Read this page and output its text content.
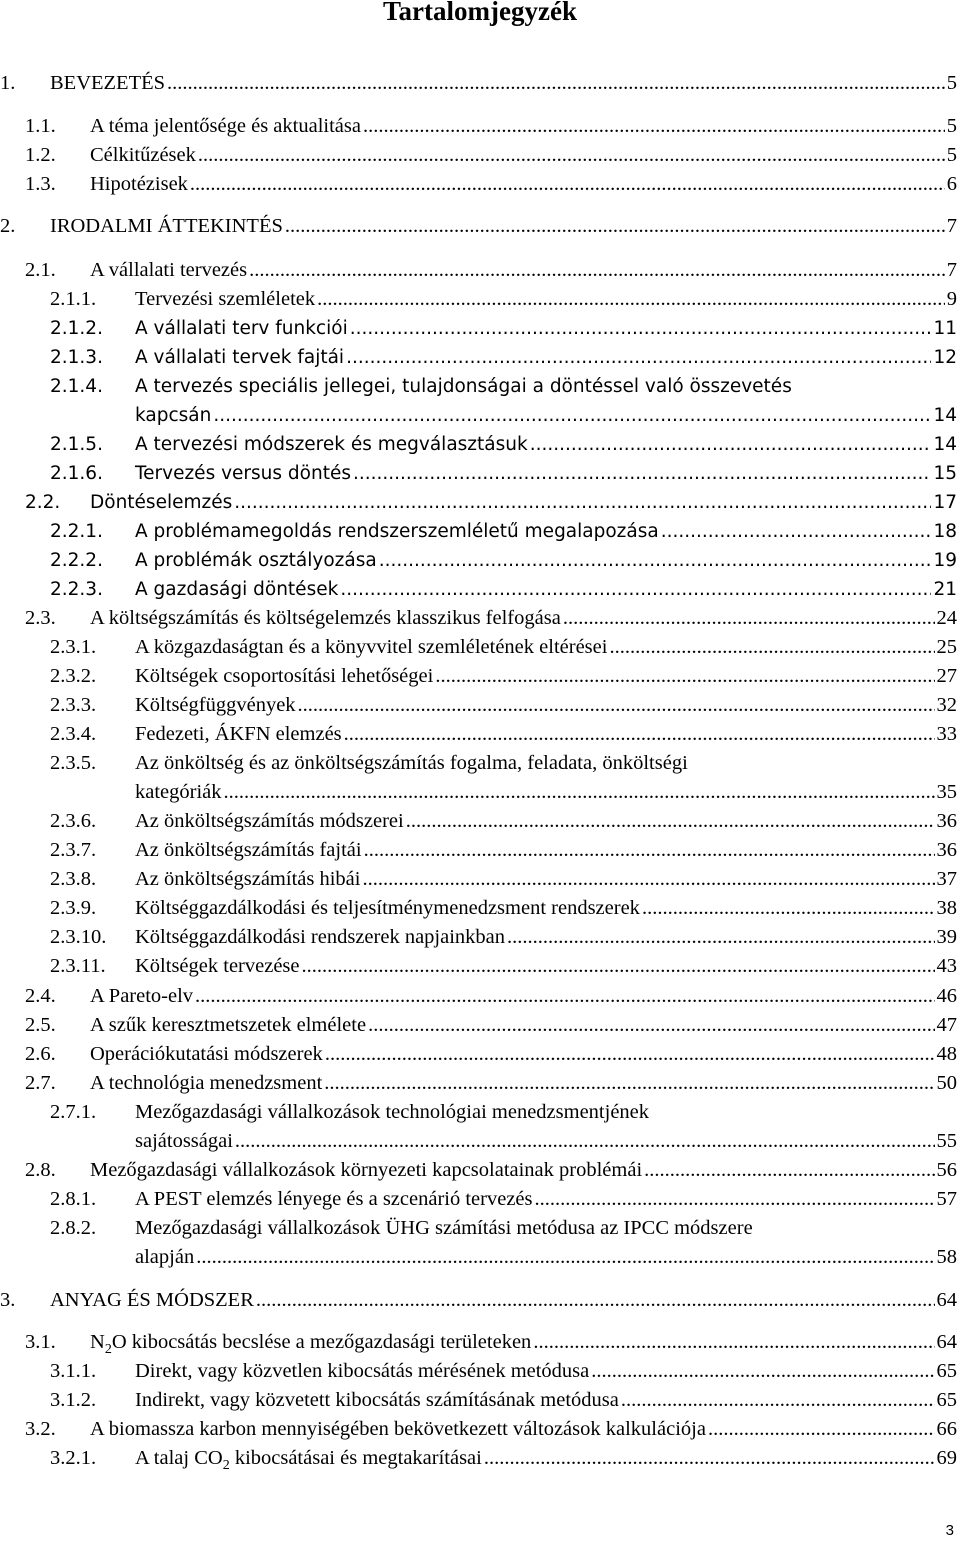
Tartalomjegyzék
1. BEVEZETÉS .....	5
1.1. A téma jelentősége és aktualitása .....	5
1.2. Célkitűzések .....	5
1.3. Hipotézisek .....	6
2. IRODALMI ÁTTEKINTÉS .....	7
2.1. A vállalati tervezés .....	7
2.1.1. Tervezési szemléletek .....	9
2.1.2. A vállalati terv funkciói .....	11
2.1.3. A vállalati tervek fajtái .....	12
2.1.4. A tervezés speciális jellegei, tulajdonságai a döntéssel való összevetés
kapcsán .....	14
2.1.5. A tervezési módszerek és megválasztásuk .....	14
2.1.6. Tervezés versus döntés .....	15
2.2. Döntéselemzés .....	17
2.2.1. A problémamegoldás rendszerszemléletű megalapozása .....	18
2.2.2. A problémák osztályozása .....	19
2.2.3. A gazdasági döntések .....	21
2.3. A költségszámítás és költségelemzés klasszikus felfogása .....	24
2.3.1. A közgazdaságtan és a könyvvitel szemléletének eltérései .....	25
2.3.2. Költségek csoportosítási lehetőségei .....	27
2.3.3. Költségfüggvények .....	32
2.3.4. Fedezeti, ÁKFN elemzés .....	33
2.3.5. Az önköltség és az önköltségszámítás fogalma, feladata, önköltségi
kategóriák .....	35
2.3.6. Az önköltségszámítás módszerei .....	36
2.3.7. Az önköltségszámítás fajtái .....	36
2.3.8. Az önköltségszámítás hibái .....	37
2.3.9. Költséggazdálkodási és teljesítménymenedzsment rendszerek .....	38
2.3.10. Költséggazdálkodási rendszerek napjainkban .....	39
2.3.11. Költségek tervezése .....	43
2.4. A Pareto-elv .....	46
2.5. A szűk keresztmetszetek elmélete .....	47
2.6. Operációkutatási módszerek .....	48
2.7. A technológia menedzsment .....	50
2.7.1. Mezőgazdasági vállalkozások technológiai menedzsmentjének
sajátosságai .....	55
2.8. Mezőgazdasági vállalkozások környezeti kapcsolatainak problémái .....	56
2.8.1. A PEST elemzés lényege és a szcenárió tervezés .....	57
2.8.2. Mezőgazdasági vállalkozások ÜHG számítási metódusa az IPCC módszere
alapján .....	58
3. ANYAG ÉS MÓDSZER .....	64
3.1. $N_2O$ kibocsátás becslése a mezőgazdasági területeken .....	64
3.1.1. Direkt, vagy közvetlen kibocsátás mérésének metódusa .....	65
3.1.2. Indirekt, vagy közvetett kibocsátás számításának metódusa .....	65
3.2. A biomassza karbon mennyiségében bekövetkezett változások kalkulációja .....	66
3.2.1. A talaj $CO_2$ kibocsátásai és megtakarításai .....	69
3
